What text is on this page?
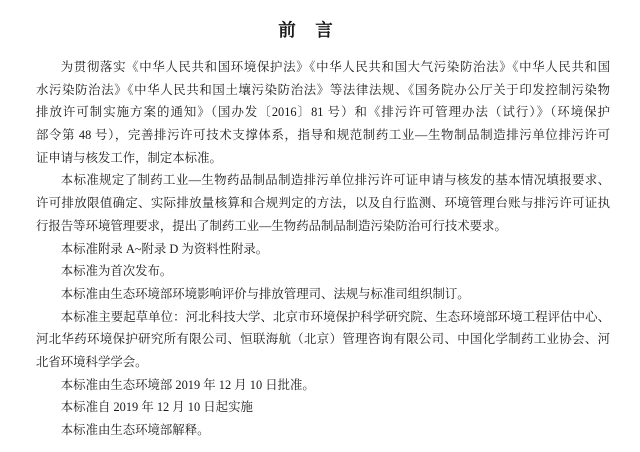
前　言
为贯彻落实《中华人民共和国环境保护法》《中华人民共和国大气污染防治法》《中华人民共和国
水污染防治法》《中华人民共和国土壤污染防治法》等法律法规、《国务院办公厅关于印发控制污染物
排放许可制实施方案的通知》（国办发〔2016〕81 号）和《排污许可管理办法（试行）》（环境保护
部令第 48 号），完善排污许可技术支撑体系，指导和规范制药工业—生物制品制造排污单位排污许可
证申请与核发工作，制定本标准。
本标准规定了制药工业—生物药品制品制造排污单位排污许可证申请与核发的基本情况填报要求、
许可排放限值确定、实际排放量核算和合规判定的方法，以及自行监测、环境管理台账与排污许可证执
行报告等环境管理要求，提出了制药工业—生物药品制品制造污染防治可行技术要求。
本标准附录 A~附录 D 为资料性附录。
本标准为首次发布。
本标准由生态环境部环境影响评价与排放管理司、法规与标准司组织制订。
本标准主要起草单位：河北科技大学、北京市环境保护科学研究院、生态环境部环境工程评估中心、
河北华药环境保护研究所有限公司、恒联海航（北京）管理咨询有限公司、中国化学制药工业协会、河
北省环境科学学会。
本标准由生态环境部 2019 年 12 月 10 日批准。
本标准自 2019 年 12 月 10 日起实施
本标准由生态环境部解释。
